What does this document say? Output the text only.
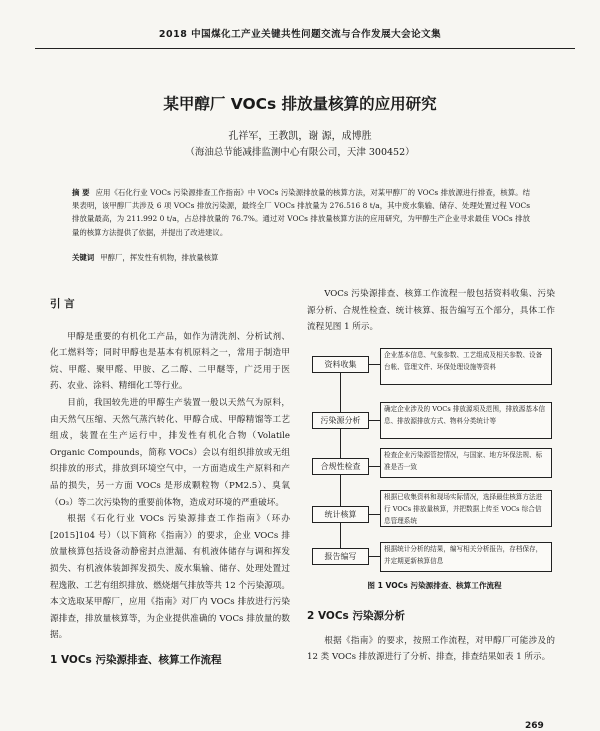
2018 中国煤化工产业关键共性问题交流与合作发展大会论文集
某甲醇厂 VOCs 排放量核算的应用研究
孔祥军，王教凯，谢 源，成博胜
（海油总节能减排监测中心有限公司，天津 300452）
摘 要 应用《石化行业 VOCs 污染源排查工作指南》中 VOCs 污染源排放量的核算方法，对某甲醇厂的 VOCs 排放源进行排查，核算。结果表明，该甲醇厂共涉及 6 项 VOCs 排放污染源，最终全厂 VOCs 排放量为 276.516 8 t/a，其中废水集输、储存、处理处置过程 VOCs 排放量最高，为 211.992 0 t/a，占总排放量的 76.7%。通过对 VOCs 排放量核算方法的应用研究，为甲醇生产企业寻求最佳 VOCs 排放量的核算方法提供了依据，并提出了改进建议。
关键词 甲醇厂，挥发性有机物，排放量核算
引 言

甲醇是重要的有机化工产品，如作为清洗剂、分析试剂、化工燃料等；同时甲醇也是基本有机原料之一，常用于制造甲烷、甲醛、聚甲醛、甲胺、乙二醇、二甲醚等，广泛用于医药、农业、涂料、精细化工等行业。

目前，我国较先进的甲醇生产装置一般以天然气为原料，由天然气压缩、天然气蒸汽转化、甲醇合成、甲醇精馏等工艺组成，装置在生产运行中，排发性有机化合物（Volatile Organic Compounds，简称 VOCs）会以有组织排放或无组织排放的形式，排放到环境空气中，一方面造成生产原料和产品的损失，另一方面 VOCs 是形成颗粒物（PM2.5）、臭氧（O₃）等二次污染物的重要前体物，造成对环境的严重破坏。

根据《石化行业 VOCs 污染源排查工作指南》（环办[2015]104 号）（以下简称《指南》）的要求，企业 VOCs 排放量核算包括设备动静密封点泄漏、有机液体储存与调和挥发损失、有机液体装卸挥发损失、废水集输、储存、处理处置过程逸散、工艺有组织排放、燃烧烟气排放等共 12 个污染源项。本文选取某甲醇厂，应用《指南》对厂内 VOCs 排放进行污染源排查，排放量核算等，为企业提供准确的 VOCs 排放量的数据。

1 VOCs 污染源排查、核算工作流程

VOCs 污染源排查、核算工作流程一般包括资料收集、污染源分析、合规性检查、统计核算、报告编写五个部分，具体工作流程见图 1 所示。

资料收集
企业基本信息、气象参数、工艺组成及相关参数、设备台帐、管理文件、环保处理设施等资料
污染源分析
确定企业涉及的 VOCs 排放源项及范围，排放源基本信息、排放源排放方式、物料分类统计等
合规性检查
检查企业污染源管控情况，与国家、地方环保法规、标准是否一致
统计核算
根据已收集资料和现场实际情况，选择最佳核算方法进行 VOCs 排放量核算，并把数据上传至 VOCs 综合信息管理系统
报告编写
根据统计分析的结果，编写相关分析报告，存档保存，并定期更新核算信息
图 1 VOCs 污染源排查、核算工作流程
2 VOCs 污染源分析

根据《指南》的要求，按照工作流程，对甲醇厂可能涉及的 12 类 VOCs 排放源进行了分析、排查，排查结果如表 1 所示。

269
